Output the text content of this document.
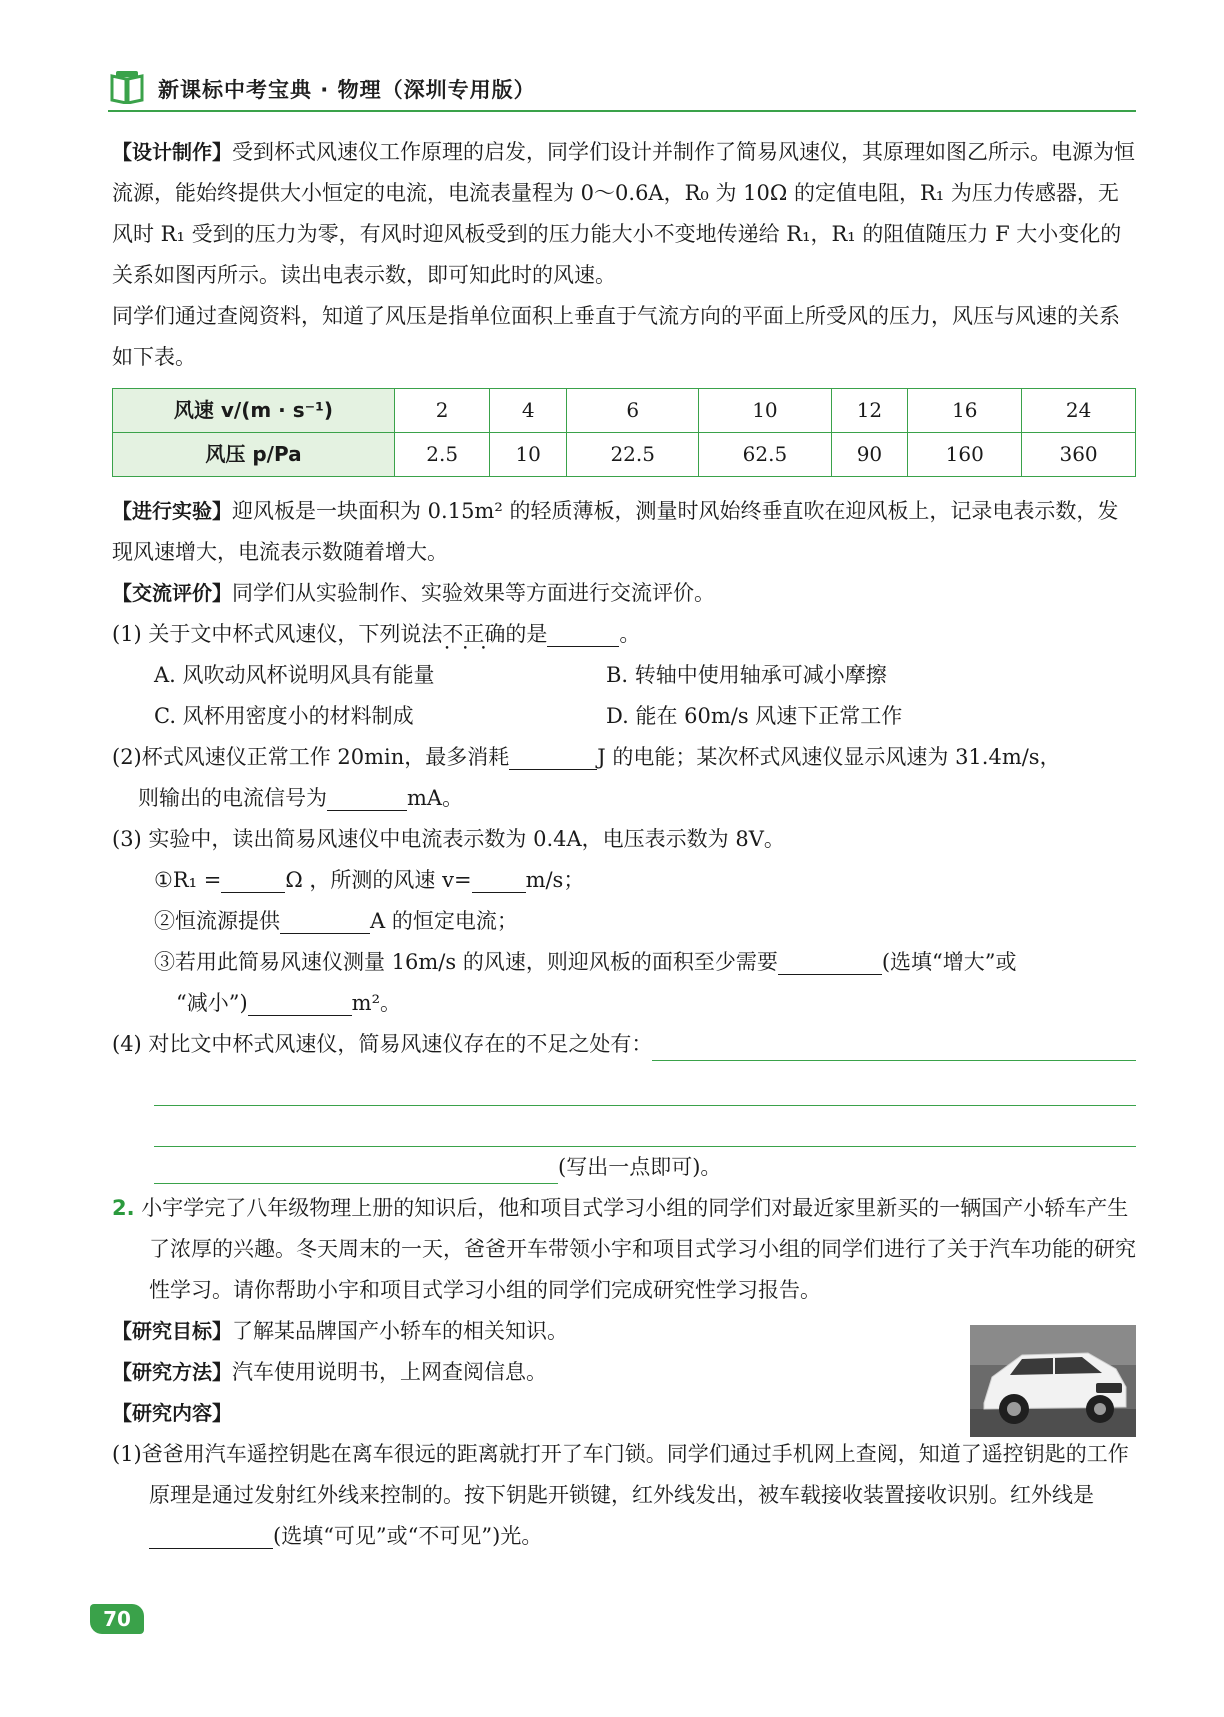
新课标中考宝典 · 物理（深圳专用版）

【设计制作】受到杯式风速仪工作原理的启发，同学们设计并制作了简易风速仪，其原理如图乙所示。电源为恒流源，能始终提供大小恒定的电流，电流表量程为 0～0.6A，R₀ 为 10Ω 的定值电阻，R₁ 为压力传感器，无风时 R₁ 受到的压力为零，有风时迎风板受到的压力能大小不变地传递给 R₁，R₁ 的阻值随压力 F 大小变化的关系如图丙所示。读出电表示数，即可知此时的风速。

同学们通过查阅资料，知道了风压是指单位面积上垂直于气流方向的平面上所受风的压力，风压与风速的关系如下表。

风速 v/(m · s⁻¹)	2	4	6	10	12	16	24
风压 p/Pa	2.5	10	22.5	62.5	90	160	360

【进行实验】迎风板是一块面积为 0.15m² 的轻质薄板，测量时风始终垂直吹在迎风板上，记录电表示数，发现风速增大，电流表示数随着增大。

【交流评价】同学们从实验制作、实验效果等方面进行交流评价。

(1) 关于文中杯式风速仪，下列说法不正确 • • •的是	。

A. 风吹动风杯说明风具有能量	B. 转轴中使用轴承可减小摩擦
C. 风杯用密度小的材料制成	D. 能在 60m/s 风速下正常工作

(2)杯式风速仪正常工作 20min，最多消耗	J 的电能；某次杯式风速仪显示风速为 31.4m/s，

则输出的电流信号为	mA。

(3) 实验中，读出简易风速仪中电流表示数为 0.4A，电压表示数为 8V。

①R₁ =	Ω ，所测的风速 v=	m/s；

②恒流源提供	A 的恒定电流；

③若用此简易风速仪测量 16m/s 的风速，则迎风板的面积至少需要	(选填“增大”或

“减小”)	m²。

(4) 对比文中杯式风速仪，简易风速仪存在的不足之处有：

(写出一点即可)。

2. 小宇学完了八年级物理上册的知识后，他和项目式学习小组的同学们对最近家里新买的一辆国产小轿车产生了浓厚的兴趣。冬天周末的一天，爸爸开车带领小宇和项目式学习小组的同学们进行了关于汽车功能的研究性学习。请你帮助小宇和项目式学习小组的同学们完成研究性学习报告。

【研究目标】了解某品牌国产小轿车的相关知识。

【研究方法】汽车使用说明书，上网查阅信息。

【研究内容】

(1)爸爸用汽车遥控钥匙在离车很远的距离就打开了车门锁。同学们通过手机网上查阅，知道了遥控钥匙的工作原理是通过发射红外线来控制的。按下钥匙开锁键，红外线发出，被车载接收装置接收识别。红外线是(选填“可见”或“不可见”)光。

70
